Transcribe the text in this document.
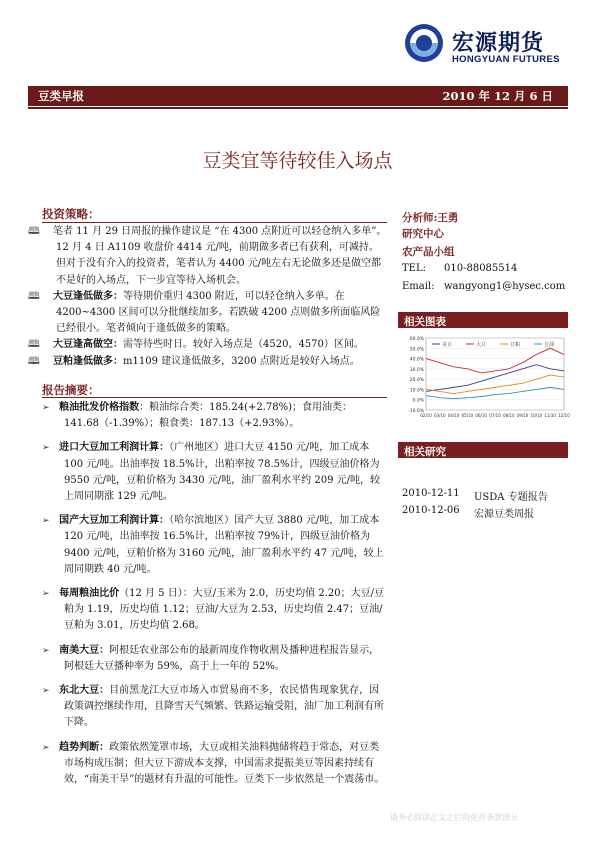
宏源期货
HONGYUAN FUTURES
豆类早报	2010 年 12 月 6 日
豆类宜等待较佳入场点
投资策略：
🕮 笔者 11 月 29 日周报的操作建议是 “在 4300 点附近可以轻仓纳入多单”。12 月 4 日 A1109 收盘价 4414 元/吨，前期做多者已有获利，可减持。但对于没有介入的投资者，笔者认为 4400 元/吨左右无论做多还是做空都不是好的入场点，下一步宜等待入场机会。
🕮 大豆逢低做多：等待期价重归 4300 附近，可以轻仓纳入多单。在 4200~4300 区间可以分批继续加多。若跌破 4200 点则做多所面临风险已经很小。笔者倾向于逢低做多的策略。
🕮 大豆逢高做空：需等待些时日。较好入场点是（4520，4570）区间。
🕮 豆粕逢低做多：m1109 建议逢低做多，3200 点附近是较好入场点。
报告摘要：
➢ 粮油批发价格指数：粮油综合类：185.24(+2.78%)；食用油类：141.68（-1.39%）；粮食类：187.13（+2.93%）。
➢ 进口大豆加工利润计算：（广州地区）进口大豆 4150 元/吨，加工成本 100 元/吨。出油率按 18.5%计，出粕率按 78.5%计，四级豆油价格为 9550 元/吨，豆粕价格为 3430 元/吨，油厂盈利水平约 209 元/吨，较上周同期涨 129 元/吨。
➢ 国产大豆加工利润计算：（哈尔滨地区）国产大豆 3880 元/吨，加工成本 120 元/吨，出油率按 16.5%计，出粕率按 79%计，四级豆油价格为 9400 元/吨，豆粕价格为 3160 元/吨，油厂盈利水平约 47 元/吨，较上周同期跌 40 元/吨。
➢ 每周粮油比价（12 月 5 日）：大豆/玉米为 2.0，历史均值 2.20；大豆/豆粕为 1.19，历史均值 1.12；豆油/大豆为 2.53，历史均值 2.47；豆油/豆粕为 3.01，历史均值 2.68。
➢ 南美大豆：阿根廷农业部公布的最新周度作物收割及播种进程报告显示，阿根廷大豆播种率为 59%，高于上一年的 52%。
➢ 东北大豆：目前黑龙江大豆市场入市贸易商不多，农民惜售现象犹存，因政策调控继续作用，且降雪天气频繁、铁路运输受阻，油厂加工利润有所下降。
➢ 趋势判断：政策依然笼罩市场，大豆或相关油料抛储将趋于常态，对豆类市场构成压制；但大豆下游成本支撑，中国需求提振美豆等因素持续有效，“南美干旱”的题材有升温的可能性。豆类下一步依然是一个震荡市。
分析师:王勇
研究中心
农产品小组
TEL: 010-88085514
Email: wangyong1@hysec.com
相关图表
60.0%
50.0%
40.0%
30.0%
20.0%
10.0%
0.0%
-10.0%
02/10 03/10 04/10 05/10 06/10 07/10 08/10 09/10 10/10 11/10 12/10
美豆	大豆	豆粕	豆油
相关研究
2010-12-11 USDA 专题报告
2010-12-06 宏源豆类周报
请务必阅读正文之后的免责条款部分
